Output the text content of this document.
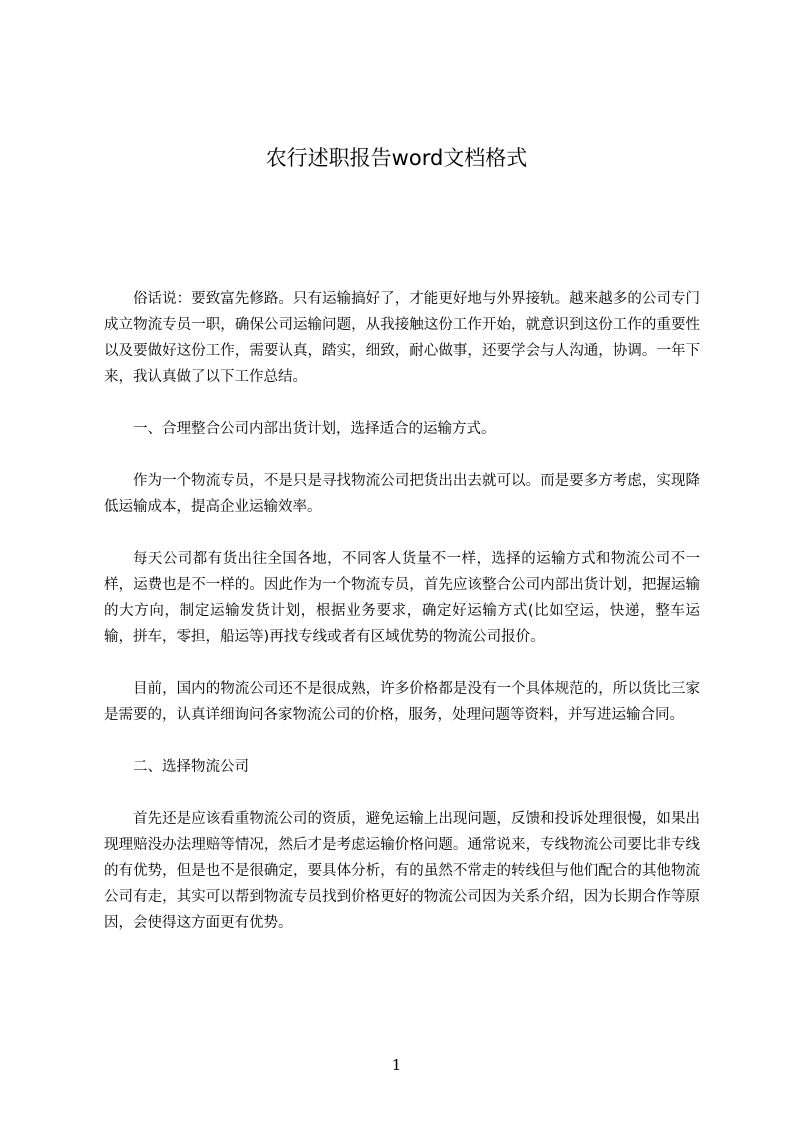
农行述职报告word文档格式

俗话说：要致富先修路。只有运输搞好了，才能更好地与外界接轨。越来越多的公司专门成立物流专员一职，确保公司运输问题，从我接触这份工作开始，就意识到这份工作的重要性以及要做好这份工作，需要认真，踏实，细致，耐心做事，还要学会与人沟通，协调。一年下来，我认真做了以下工作总结。

一、合理整合公司内部出货计划，选择适合的运输方式。

作为一个物流专员，不是只是寻找物流公司把货出出去就可以。而是要多方考虑，实现降低运输成本，提高企业运输效率。

每天公司都有货出往全国各地，不同客人货量不一样，选择的运输方式和物流公司不一样，运费也是不一样的。因此作为一个物流专员，首先应该整合公司内部出货计划，把握运输的大方向，制定运输发货计划，根据业务要求，确定好运输方式(比如空运，快递，整车运输，拼车，零担，船运等)再找专线或者有区域优势的物流公司报价。

目前，国内的物流公司还不是很成熟，许多价格都是没有一个具体规范的，所以货比三家是需要的，认真详细询问各家物流公司的价格，服务，处理问题等资料，并写进运输合同。

二、选择物流公司

首先还是应该看重物流公司的资质，避免运输上出现问题，反馈和投诉处理很慢，如果出现理赔没办法理赔等情况，然后才是考虑运输价格问题。通常说来，专线物流公司要比非专线的有优势，但是也不是很确定，要具体分析，有的虽然不常走的转线但与他们配合的其他物流公司有走，其实可以帮到物流专员找到价格更好的物流公司因为关系介绍，因为长期合作等原因，会使得这方面更有优势。

1
